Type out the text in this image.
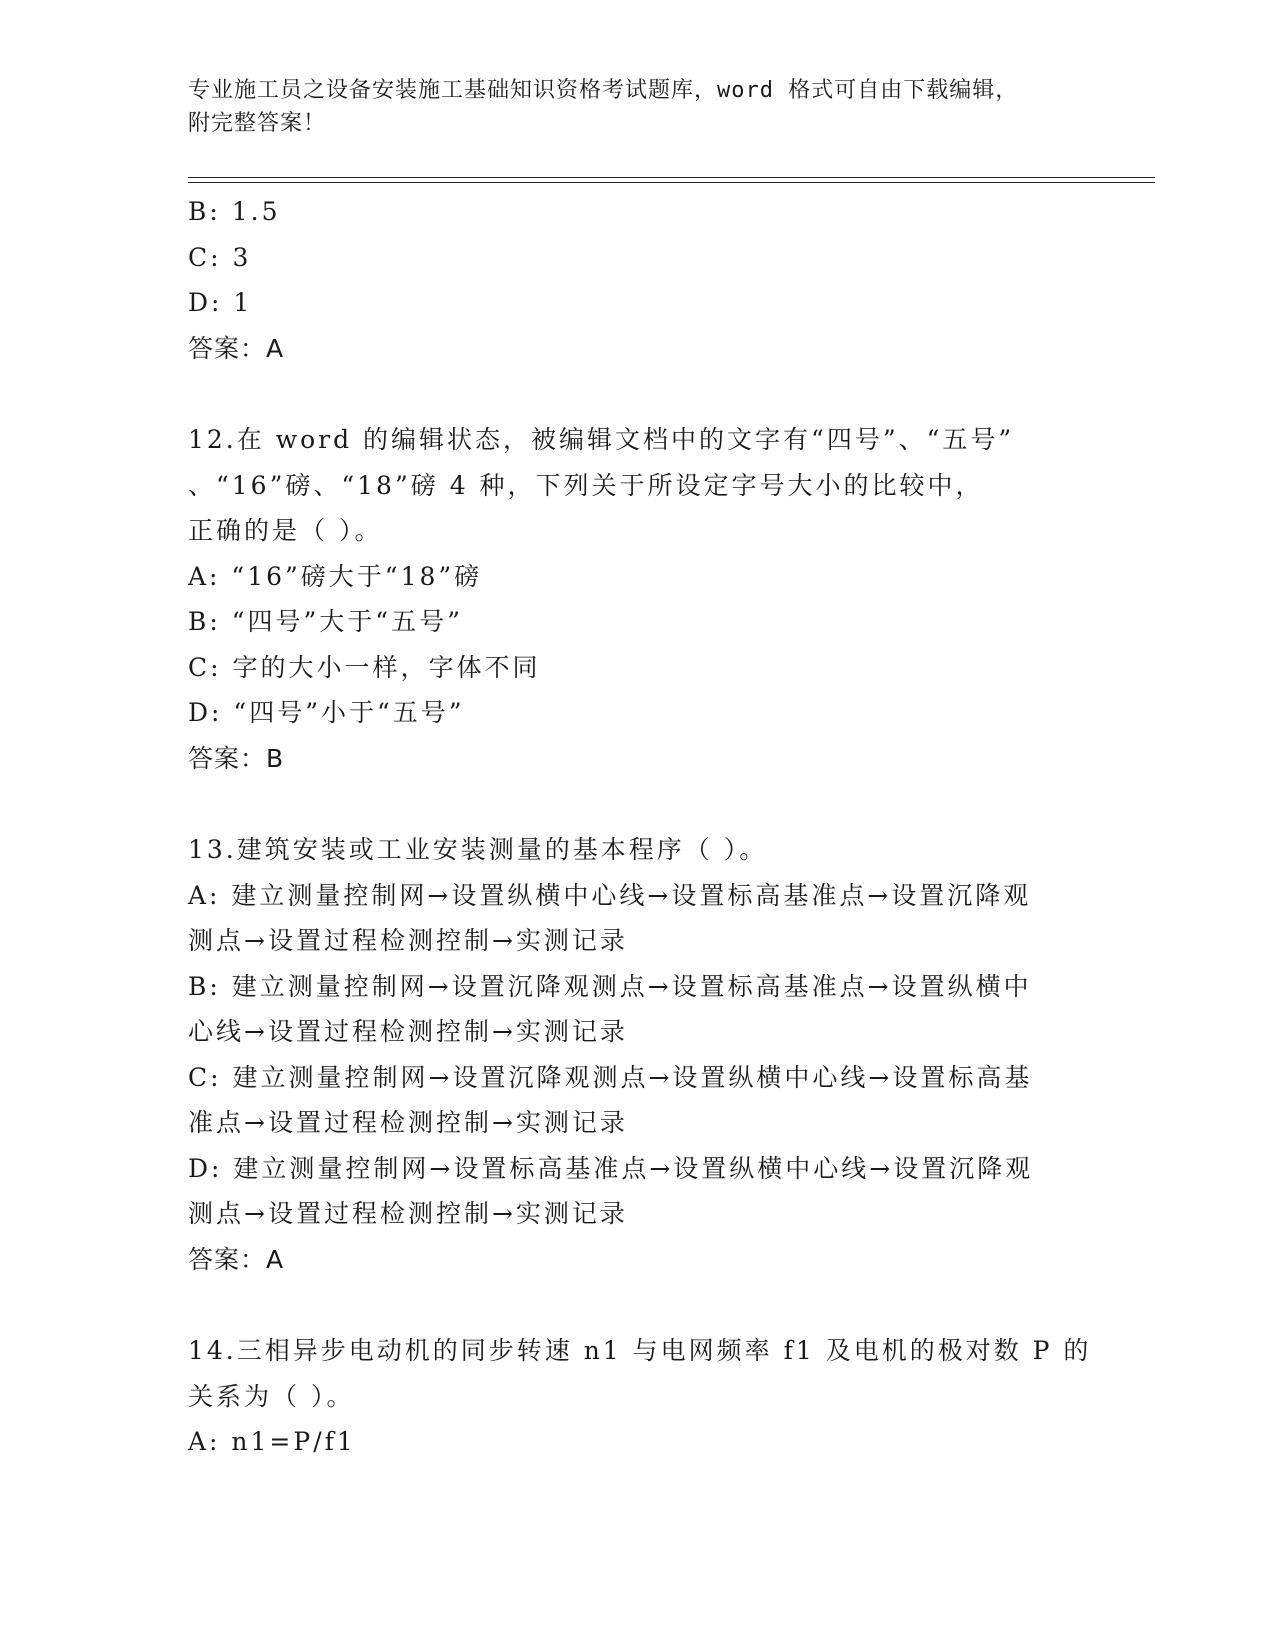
专业施工员之设备安装施工基础知识资格考试题库，word 格式可自由下载编辑，
附完整答案！
B: 1.5
C: 3
D: 1
答案：A
12.在 word 的编辑状态，被编辑文档中的文字有“四号”、“五号”
、“16”磅、“18”磅 4 种，下列关于所设定字号大小的比较中，
正确的是（ ）。
A: “16”磅大于“18”磅
B: “四号”大于“五号”
C: 字的大小一样，字体不同
D: “四号”小于“五号”
答案：B
13.建筑安装或工业安装测量的基本程序（ ）。
A: 建立测量控制网→设置纵横中心线→设置标高基准点→设置沉降观
测点→设置过程检测控制→实测记录
B: 建立测量控制网→设置沉降观测点→设置标高基准点→设置纵横中
心线→设置过程检测控制→实测记录
C: 建立测量控制网→设置沉降观测点→设置纵横中心线→设置标高基
准点→设置过程检测控制→实测记录
D: 建立测量控制网→设置标高基准点→设置纵横中心线→设置沉降观
测点→设置过程检测控制→实测记录
答案：A
14.三相异步电动机的同步转速 n1 与电网频率 f1 及电机的极对数 P 的
关系为（ ）。
A: n1=P/f1
